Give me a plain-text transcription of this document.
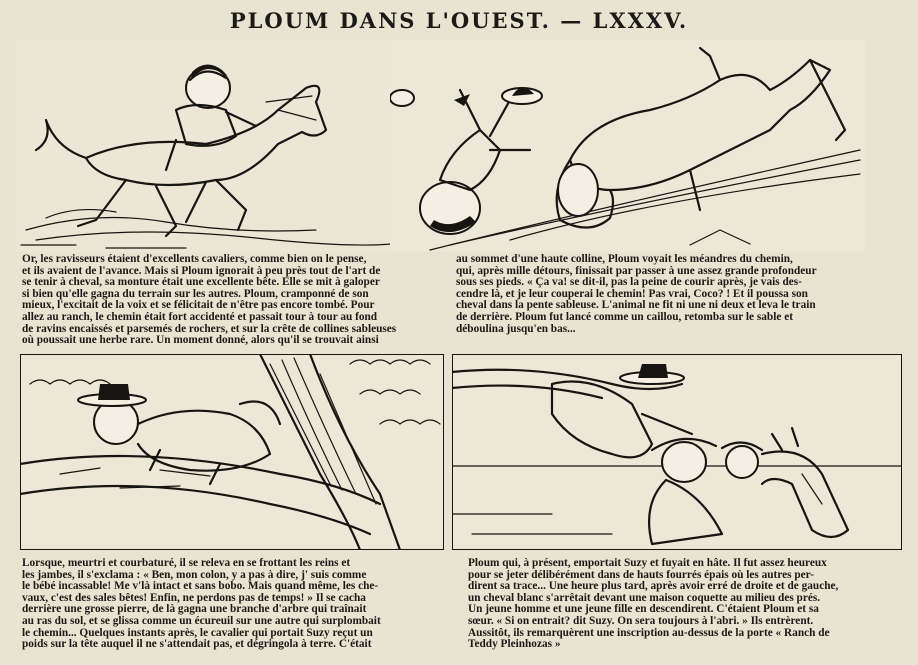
PLOUM DANS L'OUEST. — LXXXV.
Or, les ravisseurs étaient d'excellents cavaliers, comme bien on le pense,
et ils avaient de l'avance. Mais si Ploum ignorait à peu près tout de l'art de
se tenir à cheval, sa monture était une excellente bête. Elle se mit à galoper
si bien qu'elle gagna du terrain sur les autres. Ploum, cramponné de son
mieux, l'excitait de la voix et se félicitait de n'être pas encore tombé. Pour
allez au ranch, le chemin était fort accidenté et passait tour à tour au fond
de ravins encaissés et parsemés de rochers, et sur la crête de collines sableuses
où poussait une herbe rare. Un moment donné, alors qu'il se trouvait ainsi
au sommet d'une haute colline, Ploum voyait les méandres du chemin,
qui, après mille détours, finissait par passer à une assez grande profondeur
sous ses pieds. « Ça va! se dit-il, pas la peine de courir après, je vais des-
cendre là, et je leur couperai le chemin! Pas vrai, Coco? ! Et il poussa son
cheval dans la pente sableuse. L'animal ne fit ni une ni deux et leva le train
de derrière. Ploum fut lancé comme un caillou, retomba sur le sable et
déboulina jusqu'en bas...
Lorsque, meurtri et courbaturé, il se releva en se frottant les reins et
les jambes, il s'exclama : « Ben, mon colon, y a pas à dire, j' suis comme
le bébé incassable! Me v'là intact et sans bobo. Mais quand même, les che-
vaux, c'est des sales bêtes! Enfin, ne perdons pas de temps! » Il se cacha
derrière une grosse pierre, de là gagna une branche d'arbre qui traînait
au ras du sol, et se glissa comme un écureuil sur une autre qui surplombait
le chemin... Quelques instants après, le cavalier qui portait Suzy reçut un
poids sur la tête auquel il ne s'attendait pas, et dégringola à terre. C'était
Ploum qui, à présent, emportait Suzy et fuyait en hâte. Il fut assez heureux
pour se jeter délibérément dans de hauts fourrés épais où les autres per-
dirent sa trace... Une heure plus tard, après avoir erré de droite et de gauche,
un cheval blanc s'arrêtait devant une maison coquette au milieu des prés.
Un jeune homme et une jeune fille en descendirent. C'étaient Ploum et sa
sœur. « Si on entrait? dit Suzy. On sera toujours à l'abri. » Ils entrèrent.
Aussitôt, ils remarquèrent une inscription au-dessus de la porte « Ranch de
Teddy Pleinhozas »
